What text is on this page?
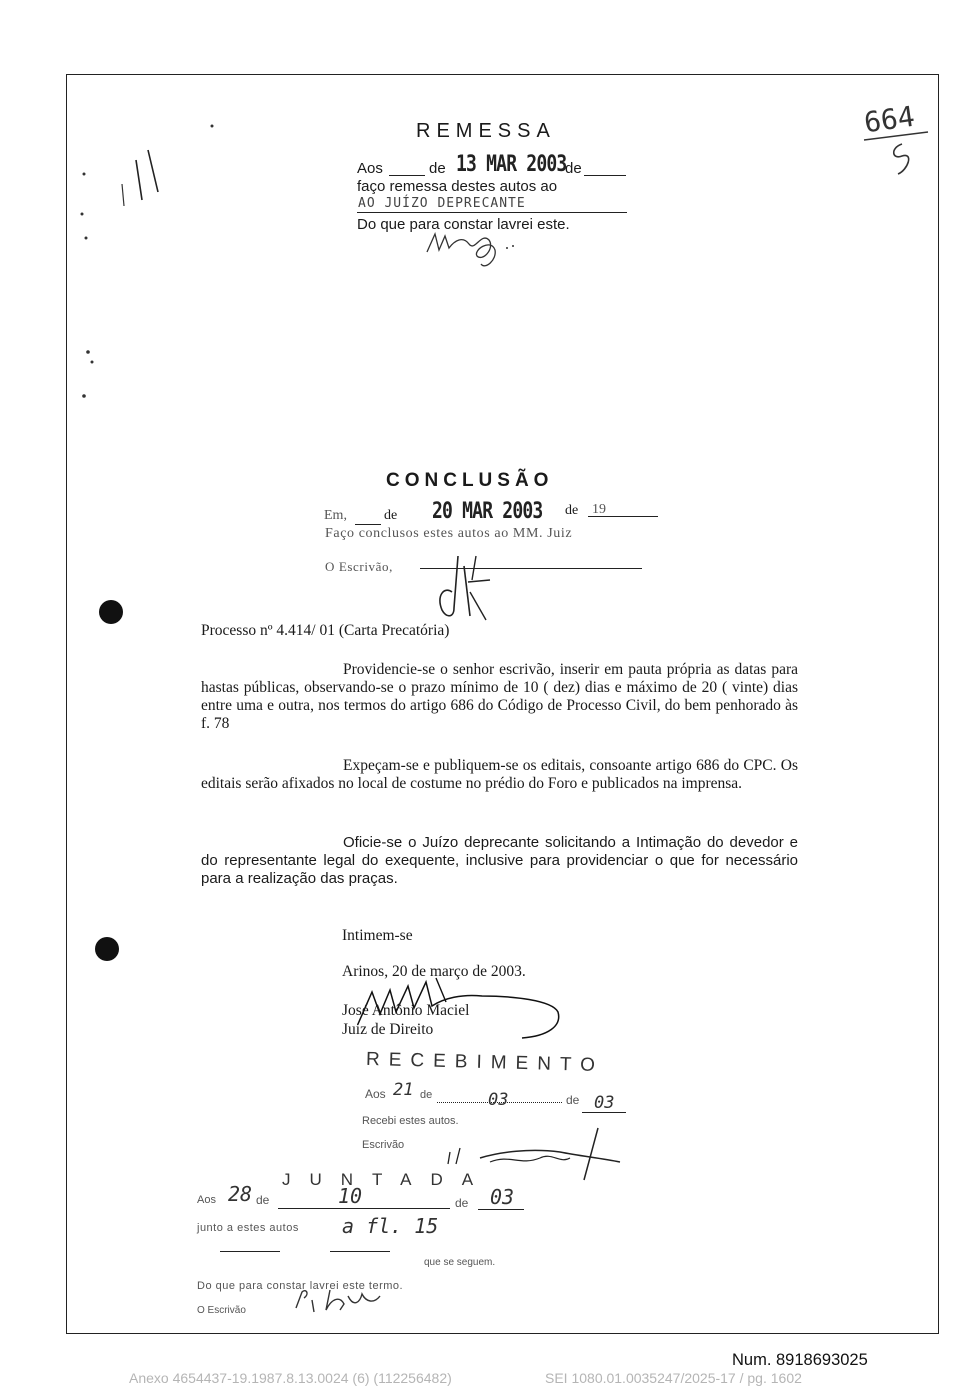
664
REMESSA
Aos	de 13 MAR 2003
de
faço remessa destes autos ao
AO JUÍZO DEPRECANTE
Do que para constar lavrei este.
CONCLUSÃO
Em,	de 20 MAR 2003 de 19
Faço conclusos estes autos ao MM. Juiz
O Escrivão,
Processo nº 4.414/ 01 (Carta Precatória)
Providencie-se o senhor escrivão, inserir em pauta própria as datas para hastas públicas, observando-se o prazo mínimo de 10 ( dez) dias e máximo de 20 ( vinte) dias entre uma e outra, nos termos do artigo 686 do Código de Processo Civil, do bem penhorado às f. 78
Expeçam-se e publiquem-se os editais, consoante artigo 686 do CPC. Os editais serão afixados no local de costume no prédio do Foro e publicados na imprensa.
Oficie-se o Juízo deprecante solicitando a Intimação do devedor e do representante legal do exequente, inclusive para providenciar o que for necessário para a realização das praças.
Intimem-se
Arinos, 20 de março de 2003.
José Antônio Maciel
Juiz de Direito
RECEBIMENTO
Aos 21 de	03	de 03
Recebi estes autos.
Escrivão
JUNTADA
Aos 28 de	10	de 03
junto a estes autos a fl. 15
que se seguem.
Do que para constar lavrei este termo.
O Escrivão
Num. 8918693025
Anexo 4654437-19.1987.8.13.0024 (6) (112256482)	SEI 1080.01.0035247/2025-17 / pg. 1602
